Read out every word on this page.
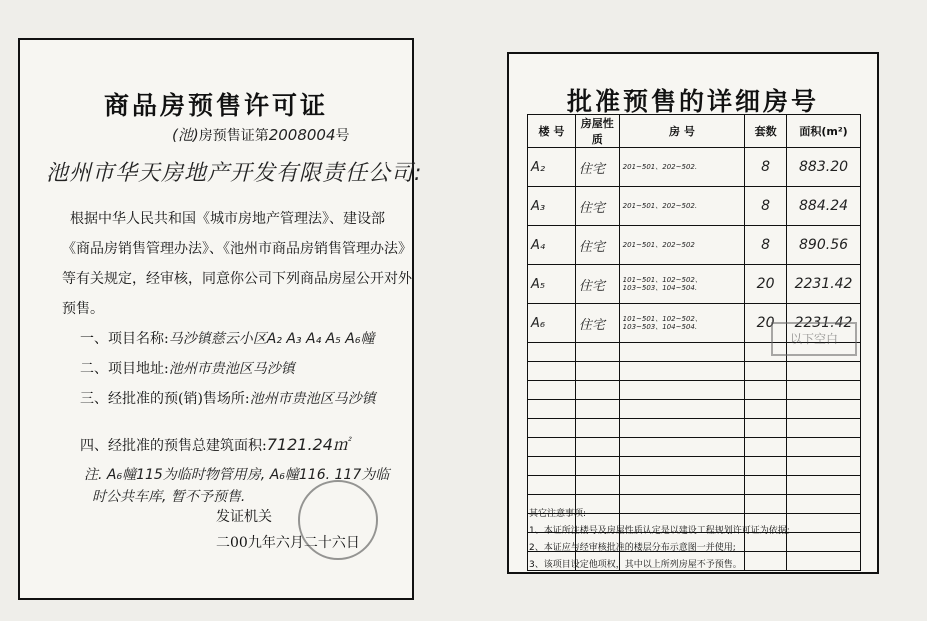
商品房预售许可证
(池)房预售证第2008004号
池州市华天房地产开发有限责任公司:
根据中华人民共和国《城市房地产管理法》、建设部
《商品房销售管理办法》、《池州市商品房销售管理办法》
等有关规定，经审核，同意你公司下列商品房屋公开对外
预售。
一、项目名称:马沙镇慈云小区A₂ A₃ A₄ A₅ A₆幢
二、项目地址:池州市贵池区马沙镇
三、经批准的预(销)售场所:池州市贵池区马沙镇
四、经批准的预售总建筑面积:7121.24㎡
注. A₆幢115为临时物管用房, A₆幢116. 117为临
时公共车库, 暂不予预售.
发证机关
二00九年六月二十六日
批准预售的详细房号
楼 号	房屋性质	房 号	套数	面积(m²)
A₂	住宅	201~501、202~502.	8	883.20
A₃	住宅	201~501、202~502.	8	884.24
A₄	住宅	201~501、202~502	8	890.56
A₅	住宅	101~501、102~502、103~503、104~504.	20	2231.42
A₆	住宅	101~501、102~502、103~503、104~504.	20	2231.42

以下空白
其它注意事项:
1、本证所注楼号及房屋性质认定是以建设工程规划许可证为依据;
2、本证应与经审核批准的楼层分布示意图一并使用;
3、该项目设定他项权，其中以上所列房屋不予预售。
